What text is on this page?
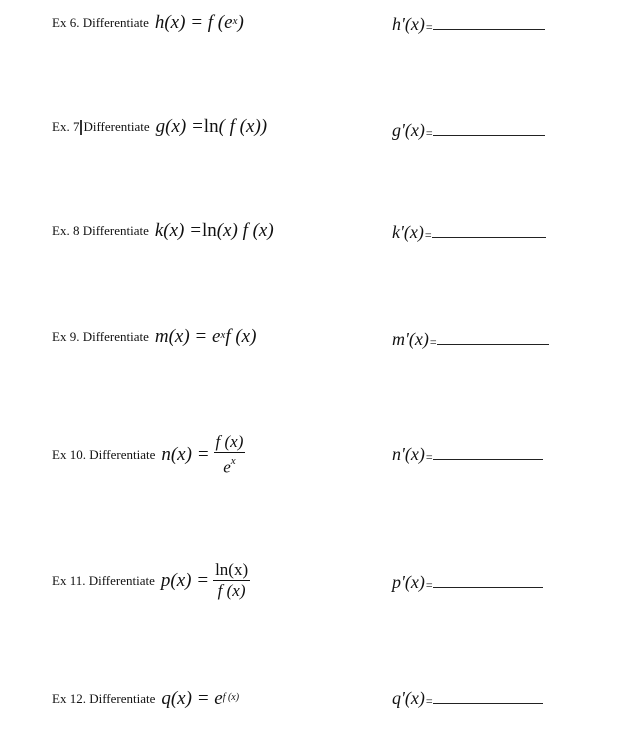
Ex 6. Differentiate h(x) = f (e x )	h'(x) =
Ex. 7 Differentiate g(x) = ln ( f (x))	g'(x) =
Ex. 8 Differentiate k(x) = ln (x) f (x)	k'(x) =
Ex 9. Differentiate m(x) = e x f (x)	m'(x) =
Ex 10. Differentiate $n(x) = \frac{f (x)}{e^x}$	n'(x) =
Ex 11. Differentiate $p(x) = \frac{\ln(x)}{f (x)}$	p'(x) =
Ex 12. Differentiate q(x) = e f (x)	q'(x) =
